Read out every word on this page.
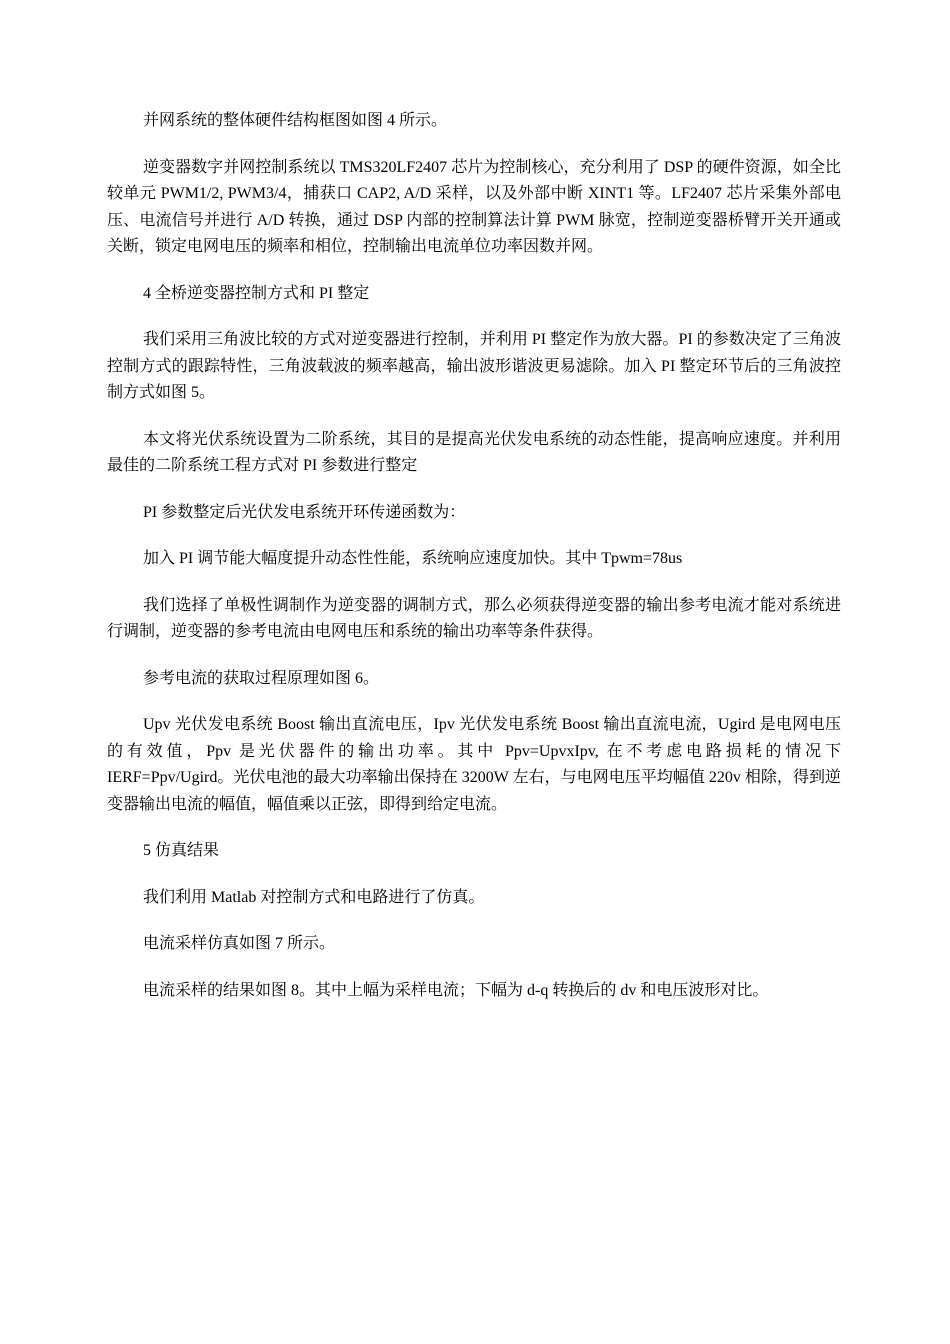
并网系统的整体硬件结构框图如图 4 所示。

逆变器数字并网控制系统以 TMS320LF2407 芯片为控制核心，充分利用了 DSP 的硬件资源，如全比较单元 PWM1/2, PWM3/4，捕获口 CAP2, A/D 采样，以及外部中断 XINT1 等。LF2407 芯片采集外部电压、电流信号并进行 A/D 转换，通过 DSP 内部的控制算法计算 PWM 脉宽，控制逆变器桥臂开关开通或关断，锁定电网电压的频率和相位，控制输出电流单位功率因数并网。

4 全桥逆变器控制方式和 PI 整定

我们采用三角波比较的方式对逆变器进行控制，并利用 PI 整定作为放大器。PI 的参数决定了三角波控制方式的跟踪特性，三角波载波的频率越高，输出波形谐波更易滤除。加入 PI 整定环节后的三角波控制方式如图 5。

本文将光伏系统设置为二阶系统，其目的是提高光伏发电系统的动态性能，提高响应速度。并利用最佳的二阶系统工程方式对 PI 参数进行整定

PI 参数整定后光伏发电系统开环传递函数为：

加入 PI 调节能大幅度提升动态性性能，系统响应速度加快。其中 Tpwm=78us

我们选择了单极性调制作为逆变器的调制方式，那么必须获得逆变器的输出参考电流才能对系统进行调制，逆变器的参考电流由电网电压和系统的输出功率等条件获得。

参考电流的获取过程原理如图 6。

Upv 光伏发电系统 Boost 输出直流电压，Ipv 光伏发电系统 Boost 输出直流电流，Ugird 是电网电压的有效值，Ppv 是光伏器件的输出功率。其中 Ppv=UpvxIpv, 在不考虑电路损耗的情况下 IERF=Ppv/Ugird。光伏电池的最大功率输出保持在 3200W 左右，与电网电压平均幅值 220v 相除，得到逆变器输出电流的幅值，幅值乘以正弦，即得到给定电流。

5 仿真结果

我们利用 Matlab 对控制方式和电路进行了仿真。

电流采样仿真如图 7 所示。

电流采样的结果如图 8。其中上幅为采样电流；下幅为 d-q 转换后的 dv 和电压波形对比。
